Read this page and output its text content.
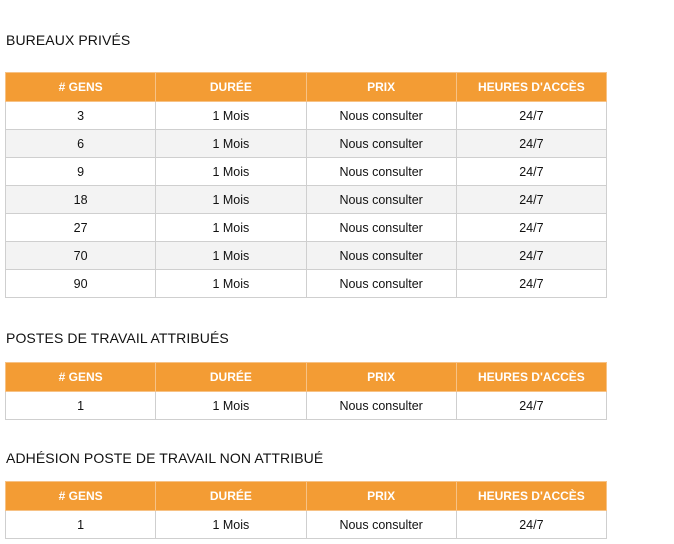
BUREAUX PRIVÉS
# GENS	DURÉE	PRIX	HEURES D'ACCÈS
3	1 Mois	Nous consulter	24/7
6	1 Mois	Nous consulter	24/7
9	1 Mois	Nous consulter	24/7
18	1 Mois	Nous consulter	24/7
27	1 Mois	Nous consulter	24/7
70	1 Mois	Nous consulter	24/7
90	1 Mois	Nous consulter	24/7
POSTES DE TRAVAIL ATTRIBUÉS
# GENS	DURÉE	PRIX	HEURES D'ACCÈS
1	1 Mois	Nous consulter	24/7
ADHÉSION POSTE DE TRAVAIL NON ATTRIBUÉ
# GENS	DURÉE	PRIX	HEURES D'ACCÈS
1	1 Mois	Nous consulter	24/7
